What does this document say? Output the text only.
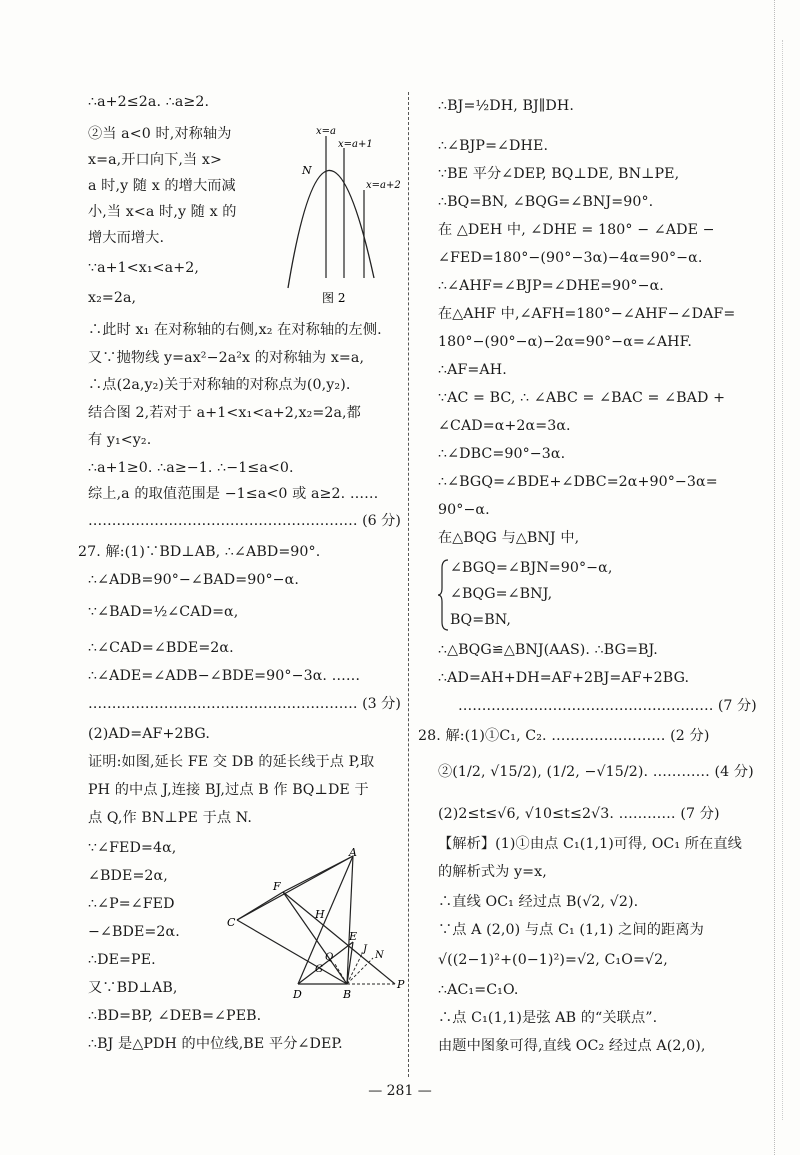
∴a+2≤2a. ∴a≥2.
②当 a<0 时,对称轴为
x=a,开口向下,当 x>
a 时,y 随 x 的增大而减
小,当 x<a 时,y 随 x 的
增大而增大.
∵a+1<x₁<a+2,
x₂=2a,
∴此时 x₁ 在对称轴的右侧,x₂ 在对称轴的左侧.
又∵抛物线 y=ax²−2a²x 的对称轴为 x=a,
∴点(2a,y₂)关于对称轴的对称点为(0,y₂).
结合图 2,若对于 a+1<x₁<a+2,x₂=2a,都
有 y₁<y₂.
∴a+1≥0. ∴a≥−1. ∴−1≤a<0.
综上,a 的取值范围是 −1≤a<0 或 a≥2. ……
………………………………………………… (6 分)
27. 解:(1)∵BD⊥AB, ∴∠ABD=90°.
∴∠ADB=90°−∠BAD=90°−α.
∵∠BAD=½∠CAD=α,
∴∠CAD=∠BDE=2α.
∴∠ADE=∠ADB−∠BDE=90°−3α. ……
………………………………………………… (3 分)
(2)AD=AF+2BG.
证明:如图,延长 FE 交 DB 的延长线于点 P,取
PH 的中点 J,连接 BJ,过点 B 作 BQ⊥DE 于
点 Q,作 BN⊥PE 于点 N.
∵∠FED=4α,
∠BDE=2α,
∴∠P=∠FED
−∠BDE=2α.
∴DE=PE.
又∵BD⊥AB,
∴BD=BP, ∠DEB=∠PEB.
∴BJ 是△PDH 的中位线,BE 平分∠DEP.
x=a
x=a+1
x=a+2
N
图 2
A
F
H
C
E
J
Q
G
N
D	B
P
∴BJ=½DH, BJ∥DH.
∴∠BJP=∠DHE.
∵BE 平分∠DEP, BQ⊥DE, BN⊥PE,
∴BQ=BN, ∠BQG=∠BNJ=90°.
在 △DEH 中, ∠DHE = 180° − ∠ADE −
∠FED=180°−(90°−3α)−4α=90°−α.
∴∠AHF=∠BJP=∠DHE=90°−α.
在△AHF 中,∠AFH=180°−∠AHF−∠DAF=
180°−(90°−α)−2α=90°−α=∠AHF.
∴AF=AH.
∵AC = BC, ∴ ∠ABC = ∠BAC = ∠BAD +
∠CAD=α+2α=3α.
∴∠DBC=90°−3α.
∴∠BGQ=∠BDE+∠DBC=2α+90°−3α=
90°−α.
在△BQG 与△BNJ 中,
∠BGQ=∠BJN=90°−α,
∠BQG=∠BNJ,
BQ=BN,
∴△BQG≌△BNJ(AAS). ∴BG=BJ.
∴AD=AH+DH=AF+2BJ=AF+2BG.
……………………………………………… (7 分)
28. 解:(1)①C₁, C₂. …………………… (2 分)
②(1/2, √15/2), (1/2, −√15/2). ………… (4 分)
(2)2≤t≤√6, √10≤t≤2√3. ………… (7 分)
【解析】(1)①由点 C₁(1,1)可得, OC₁ 所在直线
的解析式为 y=x,
∴直线 OC₁ 经过点 B(√2, √2).
∵点 A (2,0) 与点 C₁ (1,1) 之间的距离为
√((2−1)²+(0−1)²)=√2, C₁O=√2,
∴AC₁=C₁O.
∴点 C₁(1,1)是弦 AB 的“关联点”.
由题中图象可得,直线 OC₂ 经过点 A(2,0),
— 281 —
